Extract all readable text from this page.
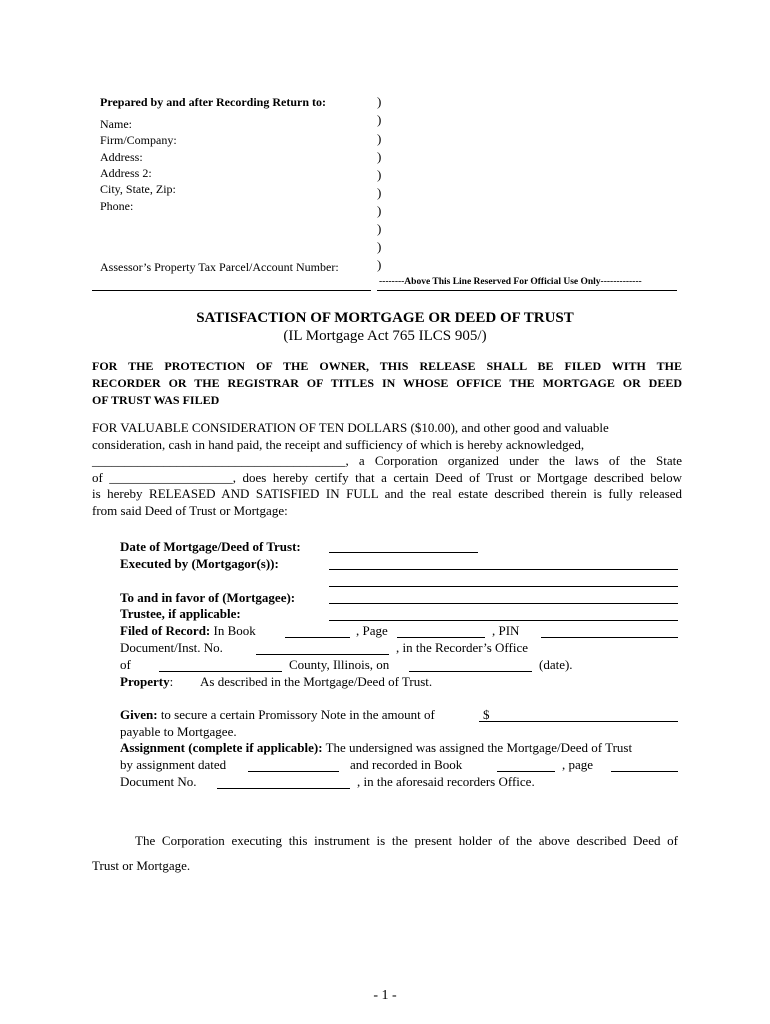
Prepared by and after Recording Return to:
Name:
Firm/Company:
Address:
Address 2:
City, State, Zip:
Phone:
Assessor’s Property Tax Parcel/Account Number:
)
)
)
)
)
)
)
)
)
)
--------Above This Line Reserved For Official Use Only-------------
SATISFACTION OF MORTGAGE OR DEED OF TRUST
(IL Mortgage Act 765 ILCS 905/)
FOR THE PROTECTION OF THE OWNER, THIS RELEASE SHALL BE FILED WITH THE
RECORDER OR THE REGISTRAR OF TITLES IN WHOSE OFFICE THE MORTGAGE OR DEED
OF TRUST WAS FILED
FOR VALUABLE CONSIDERATION OF TEN DOLLARS ($10.00), and other good and valuable
consideration, cash in hand paid, the receipt and sufficiency of which is hereby acknowledged,
_______________________________________, a Corporation organized under the laws of the State
of ___________________, does hereby certify that a certain Deed of Trust or Mortgage described below
is hereby RELEASED AND SATISFIED IN FULL and the real estate described therein is fully released
from said Deed of Trust or Mortgage:
Date of Mortgage/Deed of Trust:
Executed by (Mortgagor(s)):
To and in favor of (Mortgagee):
Trustee, if applicable:
Filed of Record: In Book	, Page	, PIN
Document/Inst. No.	, in the Recorder’s Office
of	County, Illinois, on	(date).
Property: As described in the Mortgage/Deed of Trust.
Given: to secure a certain Promissory Note in the amount of	$
payable to Mortgagee.
Assignment (complete if applicable): The undersigned was assigned the Mortgage/Deed of Trust
by assignment dated	and recorded in Book	, page
Document No.	, in the aforesaid recorders Office.
The Corporation executing this instrument is the present holder of the above described Deed of
Trust or Mortgage.
- 1 -
